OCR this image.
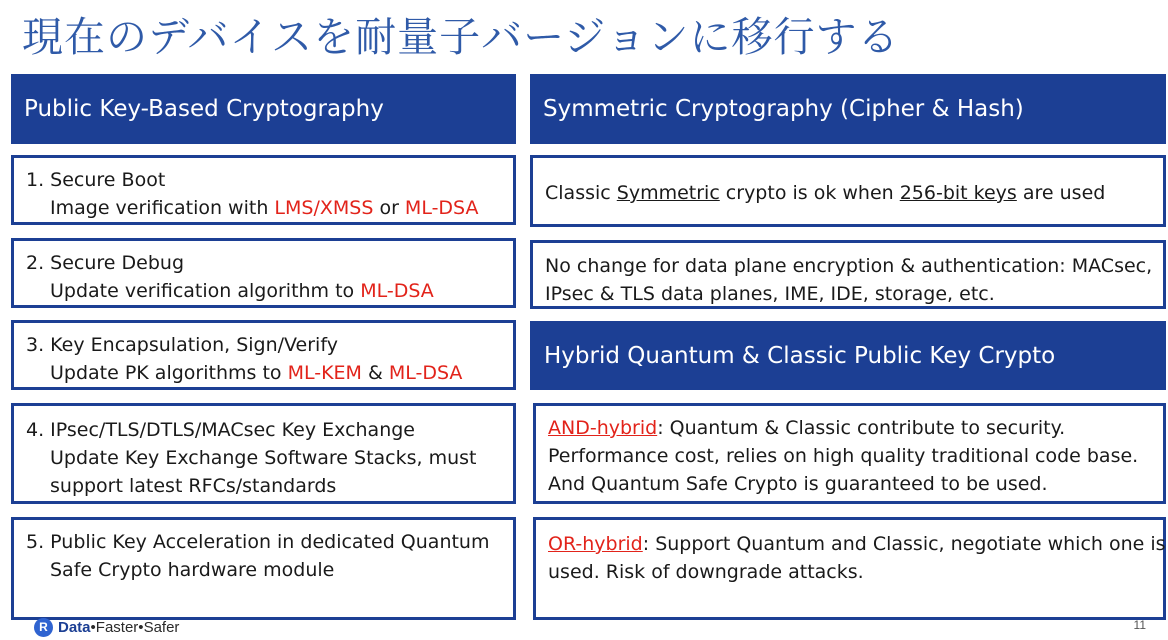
現在のデバイスを耐量子バージョンに移行する
Public Key-Based Cryptography
1. Secure Boot
Image verification with LMS/XMSS or ML-DSA
2. Secure Debug
Update verification algorithm to ML-DSA
3. Key Encapsulation, Sign/Verify
Update PK algorithms to ML-KEM & ML-DSA
4. IPsec/TLS/DTLS/MACsec Key Exchange
Update Key Exchange Software Stacks, must
support latest RFCs/standards
5. Public Key Acceleration in dedicated Quantum
Safe Crypto hardware module
Symmetric Cryptography (Cipher & Hash)
Classic Symmetric crypto is ok when 256-bit keys are used
No change for data plane encryption & authentication: MACsec,
IPsec & TLS data planes, IME, IDE, storage, etc.
Hybrid Quantum & Classic Public Key Crypto
AND-hybrid: Quantum & Classic contribute to security.
Performance cost, relies on high quality traditional code base.
And Quantum Safe Crypto is guaranteed to be used.
OR-hybrid: Support Quantum and Classic, negotiate which one is
used. Risk of downgrade attacks.
R Data • Faster • Safer	11
